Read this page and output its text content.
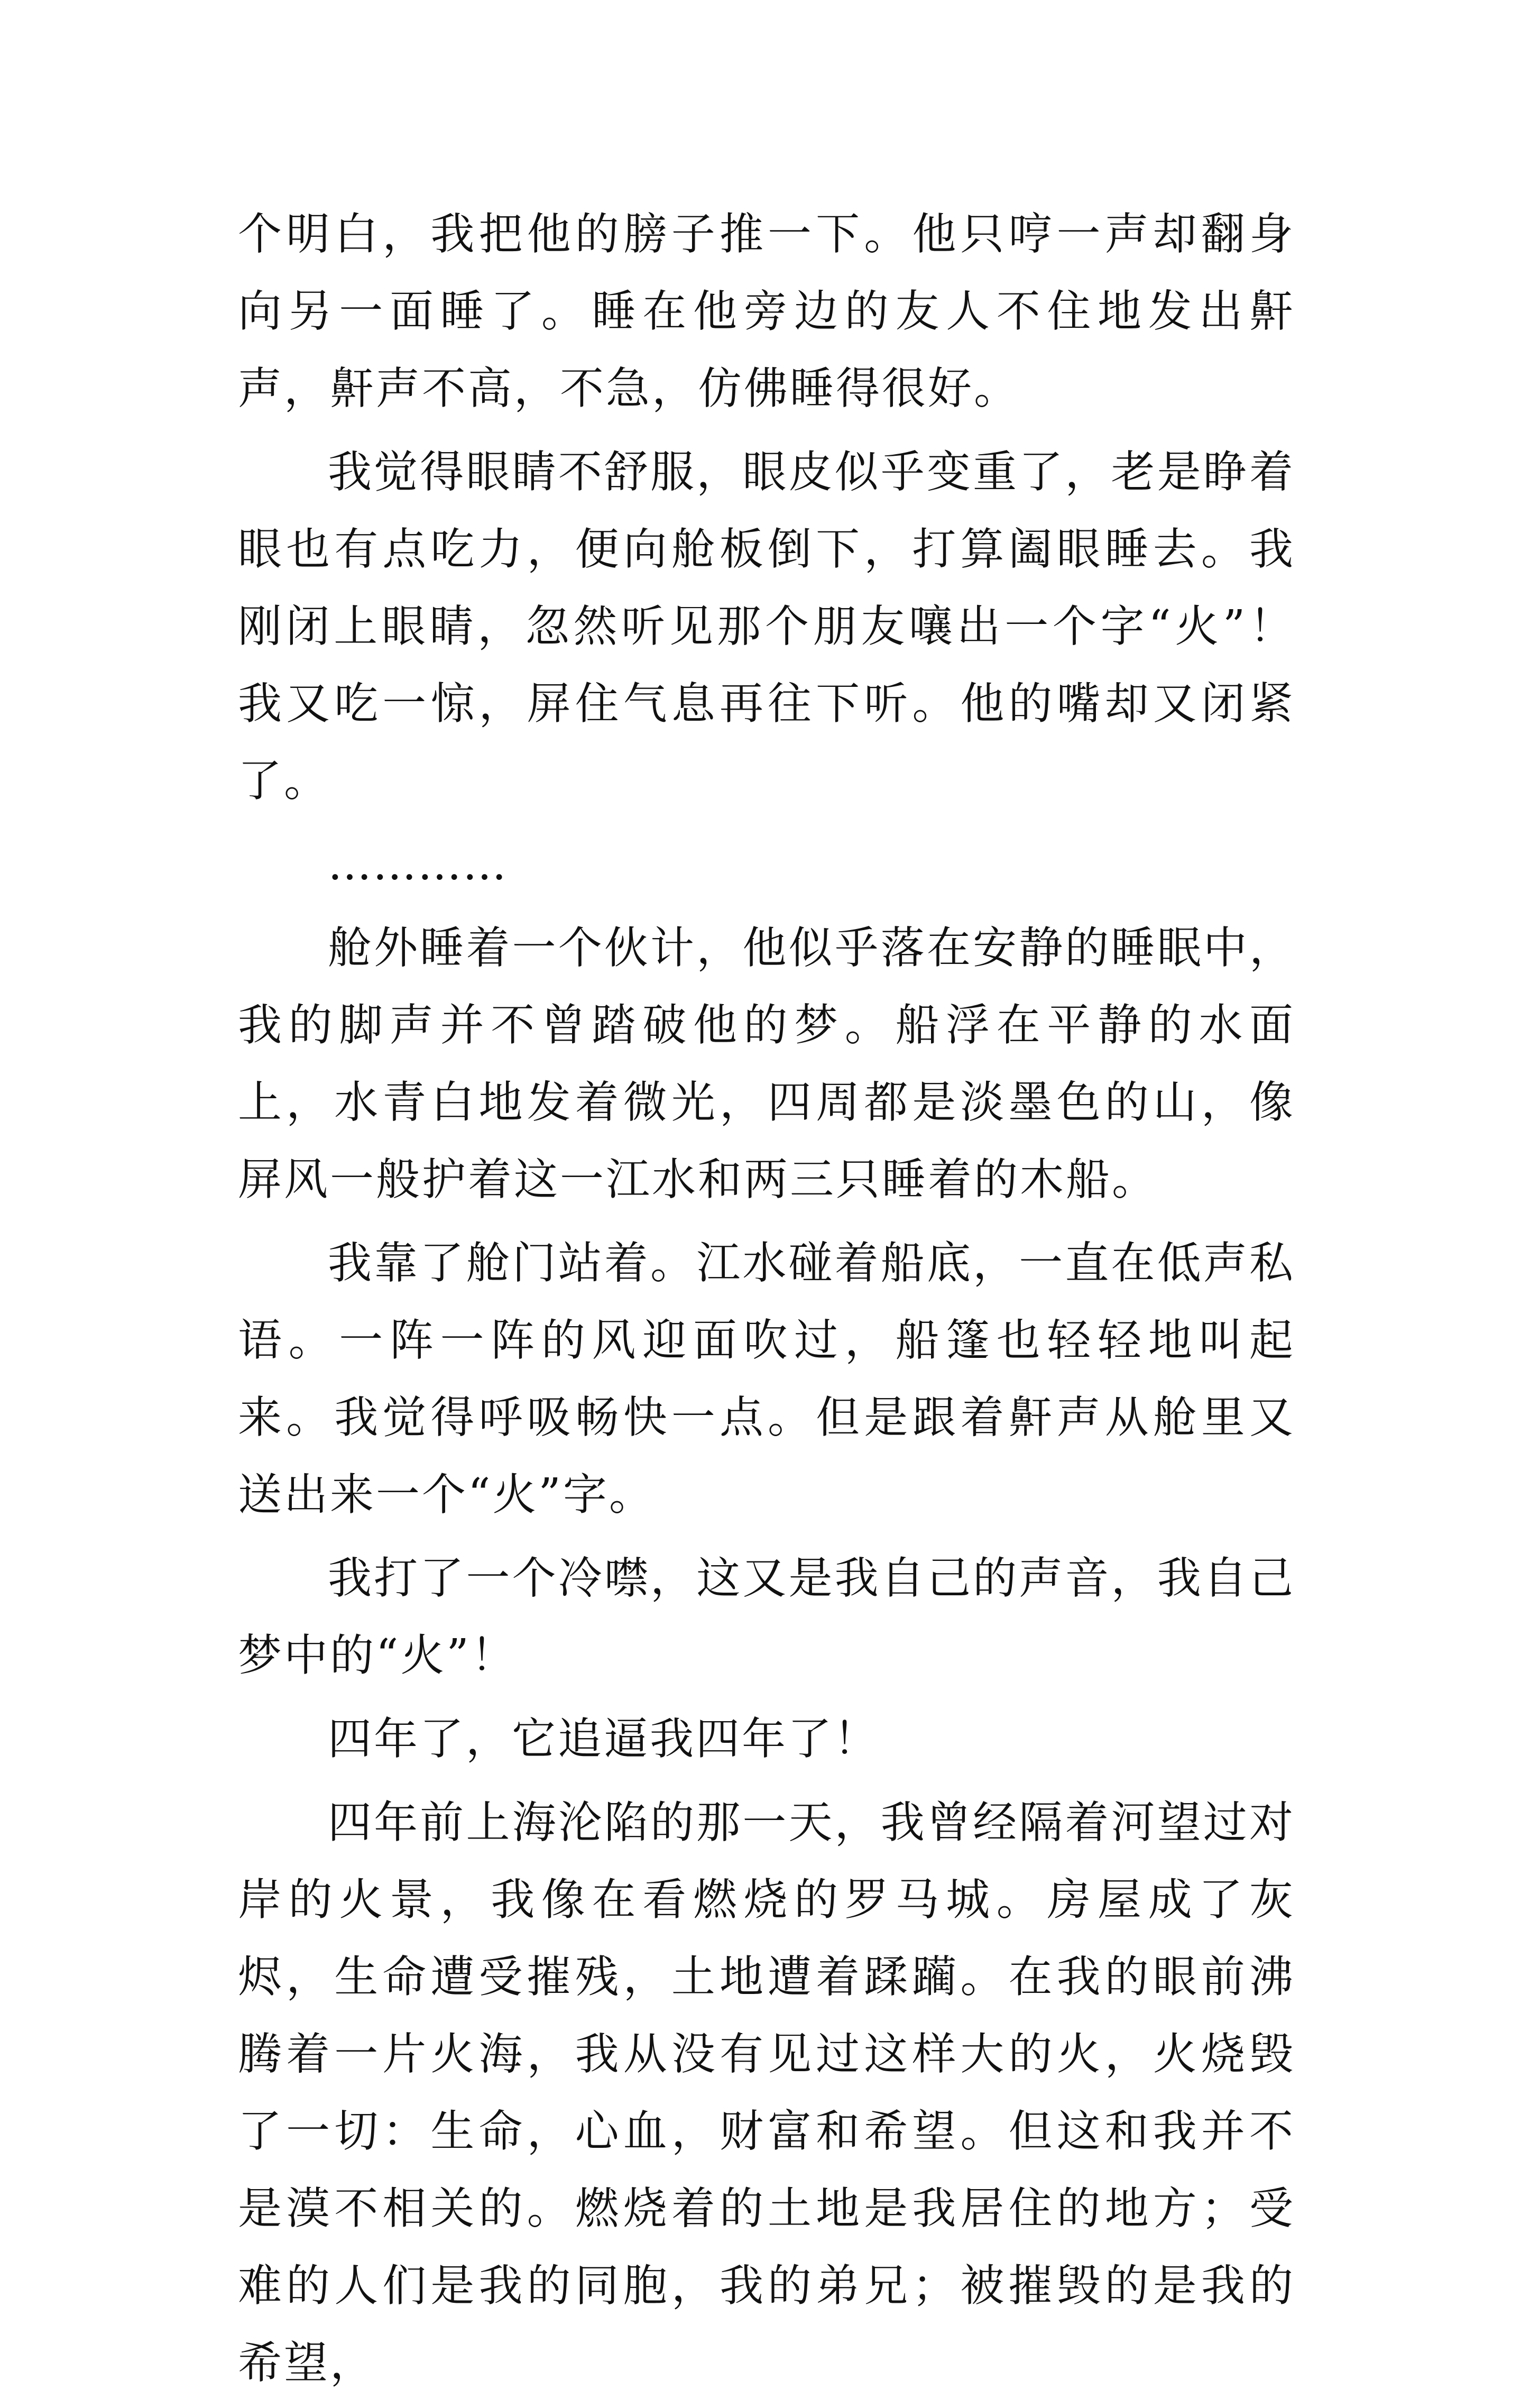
个明白，我把他的膀子推一下。他只哼一声却翻身向另一面睡了。睡在他旁边的友人不住地发出鼾声，鼾声不高，不急，仿佛睡得很好。

我觉得眼睛不舒服，眼皮似乎变重了，老是睁着眼也有点吃力，便向舱板倒下，打算阖眼睡去。我刚闭上眼睛，忽然听见那个朋友嚷出一个字“火”！我又吃一惊，屏住气息再往下听。他的嘴却又闭紧了。

…………

舱外睡着一个伙计，他似乎落在安静的睡眠中，我的脚声并不曾踏破他的梦。船浮在平静的水面上，水青白地发着微光，四周都是淡墨色的山，像屏风一般护着这一江水和两三只睡着的木船。

我靠了舱门站着。江水碰着船底，一直在低声私语。一阵一阵的风迎面吹过，船篷也轻轻地叫起来。我觉得呼吸畅快一点。但是跟着鼾声从舱里又送出来一个“火”字。

我打了一个冷噤，这又是我自己的声音，我自己梦中的“火”！

四年了，它追逼我四年了！

四年前上海沦陷的那一天，我曾经隔着河望过对岸的火景，我像在看燃烧的罗马城。房屋成了灰烬，生命遭受摧残，土地遭着蹂躏。在我的眼前沸腾着一片火海，我从没有见过这样大的火，火烧毁了一切：生命，心血，财富和希望。但这和我并不是漠不相关的。燃烧着的土地是我居住的地方；受难的人们是我的同胞，我的弟兄；被摧毁的是我的希望，
